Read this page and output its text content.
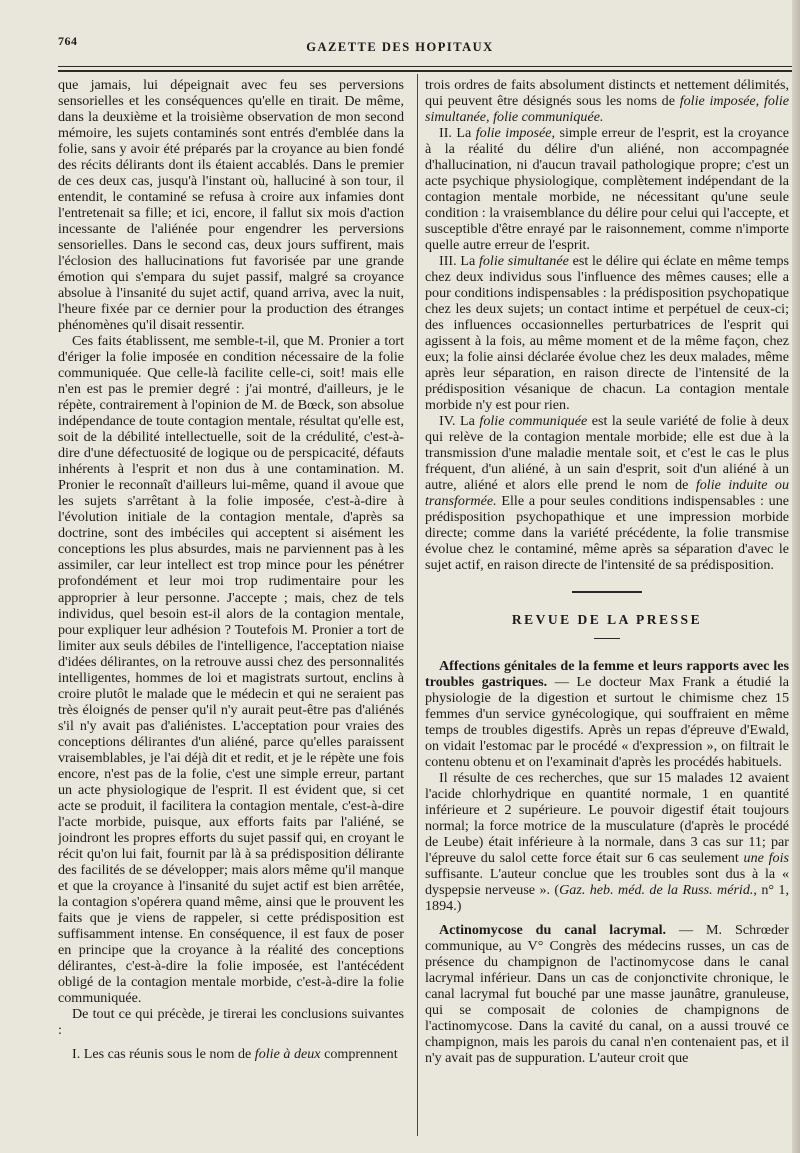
764	GAZETTE DES HOPITAUX

que jamais, lui dépeignait avec feu ses perversions sensorielles et les conséquences qu'elle en tirait. De même, dans la deuxième et la troisième observation de mon second mémoire, les sujets contaminés sont entrés d'emblée dans la folie, sans y avoir été préparés par la croyance au bien fondé des récits délirants dont ils étaient accablés. Dans le premier de ces deux cas, jusqu'à l'instant où, halluciné à son tour, il entendit, le contaminé se refusa à croire aux infamies dont l'entretenait sa fille; et ici, encore, il fallut six mois d'action incessante de l'aliénée pour engendrer les perversions sensorielles. Dans le second cas, deux jours suffirent, mais l'éclosion des hallucinations fut favorisée par une grande émotion qui s'empara du sujet passif, malgré sa croyance absolue à l'insanité du sujet actif, quand arriva, avec la nuit, l'heure fixée par ce dernier pour la production des étranges phénomènes qu'il disait ressentir.

Ces faits établissent, me semble-t-il, que M. Pronier a tort d'ériger la folie imposée en condition nécessaire de la folie communiquée. Que celle-là facilite celle-ci, soit! mais elle n'en est pas le premier degré : j'ai montré, d'ailleurs, je le répète, contrairement à l'opinion de M. de Bœck, son absolue indépendance de toute contagion mentale, résultat qu'elle est, soit de la débilité intellectuelle, soit de la crédulité, c'est-à-dire d'une défectuosité de logique ou de perspicacité, défauts inhérents à l'esprit et non dus à une contamination. M. Pronier le reconnaît d'ailleurs lui-même, quand il avoue que les sujets s'arrêtant à la folie imposée, c'est-à-dire à l'évolution initiale de la contagion mentale, d'après sa doctrine, sont des imbéciles qui acceptent si aisément les conceptions les plus absurdes, mais ne parviennent pas à les assimiler, car leur intellect est trop mince pour les pénétrer profondément et leur moi trop rudimentaire pour les approprier à leur personne. J'accepte ; mais, chez de tels individus, quel besoin est-il alors de la contagion mentale, pour expliquer leur adhésion ? Toutefois M. Pronier a tort de limiter aux seuls débiles de l'intelligence, l'acceptation niaise d'idées délirantes, on la retrouve aussi chez des personnalités intelligentes, hommes de loi et magistrats surtout, enclins à croire plutôt le malade que le médecin et qui ne seraient pas très éloignés de penser qu'il n'y aurait peut-être pas d'aliénés s'il n'y avait pas d'aliénistes. L'acceptation pour vraies des conceptions délirantes d'un aliéné, parce qu'elles paraissent vraisemblables, je l'ai déjà dit et redit, et je le répète une fois encore, n'est pas de la folie, c'est une simple erreur, partant un acte physiologique de l'esprit. Il est évident que, si cet acte se produit, il facilitera la contagion mentale, c'est-à-dire l'acte morbide, puisque, aux efforts faits par l'aliéné, se joindront les propres efforts du sujet passif qui, en croyant le récit qu'on lui fait, fournit par là à sa prédisposition délirante des facilités de se développer; mais alors même qu'il manque et que la croyance à l'insanité du sujet actif est bien arrêtée, la contagion s'opérera quand même, ainsi que le prouvent les faits que je viens de rappeler, si cette prédisposition est suffisamment intense. En conséquence, il est faux de poser en principe que la croyance à la réalité des conceptions délirantes, c'est-à-dire la folie imposée, est l'antécédent obligé de la contagion mentale morbide, c'est-à-dire la folie communiquée.

De tout ce qui précède, je tirerai les conclusions suivantes :

I. Les cas réunis sous le nom de folie à deux comprennent

trois ordres de faits absolument distincts et nettement délimités, qui peuvent être désignés sous les noms de folie imposée, folie simultanée, folie communiquée.

II. La folie imposée, simple erreur de l'esprit, est la croyance à la réalité du délire d'un aliéné, non accompagnée d'hallucination, ni d'aucun travail pathologique propre; c'est un acte psychique physiologique, complètement indépendant de la contagion mentale morbide, ne nécessitant qu'une seule condition : la vraisemblance du délire pour celui qui l'accepte, et susceptible d'être enrayé par le raisonnement, comme n'importe quelle autre erreur de l'esprit.

III. La folie simultanée est le délire qui éclate en même temps chez deux individus sous l'influence des mêmes causes; elle a pour conditions indispensables : la prédisposition psychopatique chez les deux sujets; un contact intime et perpétuel de ceux-ci; des influences occasionnelles perturbatrices de l'esprit qui agissent à la fois, au même moment et de la même façon, chez eux; la folie ainsi déclarée évolue chez les deux malades, même après leur séparation, en raison directe de l'intensité de la prédisposition vésanique de chacun. La contagion mentale morbide n'y est pour rien.

IV. La folie communiquée est la seule variété de folie à deux qui relève de la contagion mentale morbide; elle est due à la transmission d'une maladie mentale soit, et c'est le cas le plus fréquent, d'un aliéné, à un sain d'esprit, soit d'un aliéné à un autre, aliéné et alors elle prend le nom de folie induite ou transformée. Elle a pour seules conditions indispensables : une prédisposition psychopathique et une impression morbide directe; comme dans la variété précédente, la folie transmise évolue chez le contaminé, même après sa séparation d'avec le sujet actif, en raison directe de l'intensité de sa prédisposition.

REVUE DE LA PRESSE

Affections génitales de la femme et leurs rapports avec les troubles gastriques. — Le docteur Max Frank a étudié la physiologie de la digestion et surtout le chimisme chez 15 femmes d'un service gynécologique, qui souffraient en même temps de troubles digestifs. Après un repas d'épreuve d'Ewald, on vidait l'estomac par le procédé « d'expression », on filtrait le contenu obtenu et on l'examinait d'après les procédés habituels.

Il résulte de ces recherches, que sur 15 malades 12 avaient l'acide chlorhydrique en quantité normale, 1 en quantité inférieure et 2 supérieure. Le pouvoir digestif était toujours normal; la force motrice de la musculature (d'après le procédé de Leube) était inférieure à la normale, dans 3 cas sur 11; par l'épreuve du salol cette force était sur 6 cas seulement une fois suffisante. L'auteur conclue que les troubles sont dus à la « dyspepsie nerveuse ». (Gaz. heb. méd. de la Russ. mérid., n° 1, 1894.)

Actinomycose du canal lacrymal. — M. Schrœder communique, au V° Congrès des médecins russes, un cas de présence du champignon de l'actinomycose dans le canal lacrymal inférieur. Dans un cas de conjonctivite chronique, le canal lacrymal fut bouché par une masse jaunâtre, granuleuse, qui se composait de colonies de champignons de l'actinomycose. Dans la cavité du canal, on a aussi trouvé ce champignon, mais les parois du canal n'en contenaient pas, et il n'y avait pas de suppuration. L'auteur croit que
